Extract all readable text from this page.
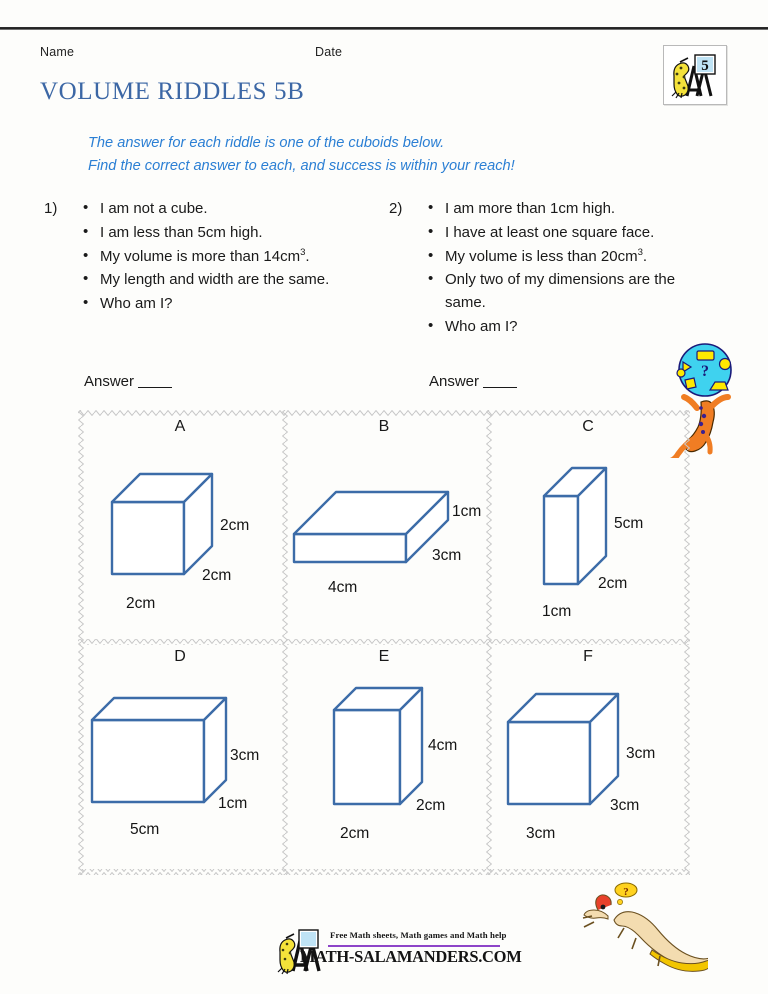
Name	Date
VOLUME RIDDLES 5B
5
The answer for each riddle is one of the cuboids below.
Find the correct answer to each, and success is within your reach!
1)	• I am not a cube.
• I am less than 5cm high.
• My volume is more than $14cm^3$.
• My length and width are the same.
• Who am I?
2)	• I am more than 1cm high.
• I have at least one square face.
• My volume is less than $20cm^3$.
• Only two of my dimensions are the same.
• Who am I?
Answer	Answer
?
A
2cm
2cm
2cm
B
1cm
3cm
4cm
C
5cm
2cm
1cm
D
3cm
1cm
5cm
E
4cm
2cm
2cm
F
3cm
3cm
3cm
?
Free Math sheets, Math games and Math help
MATH-SALAMANDERS.COM
